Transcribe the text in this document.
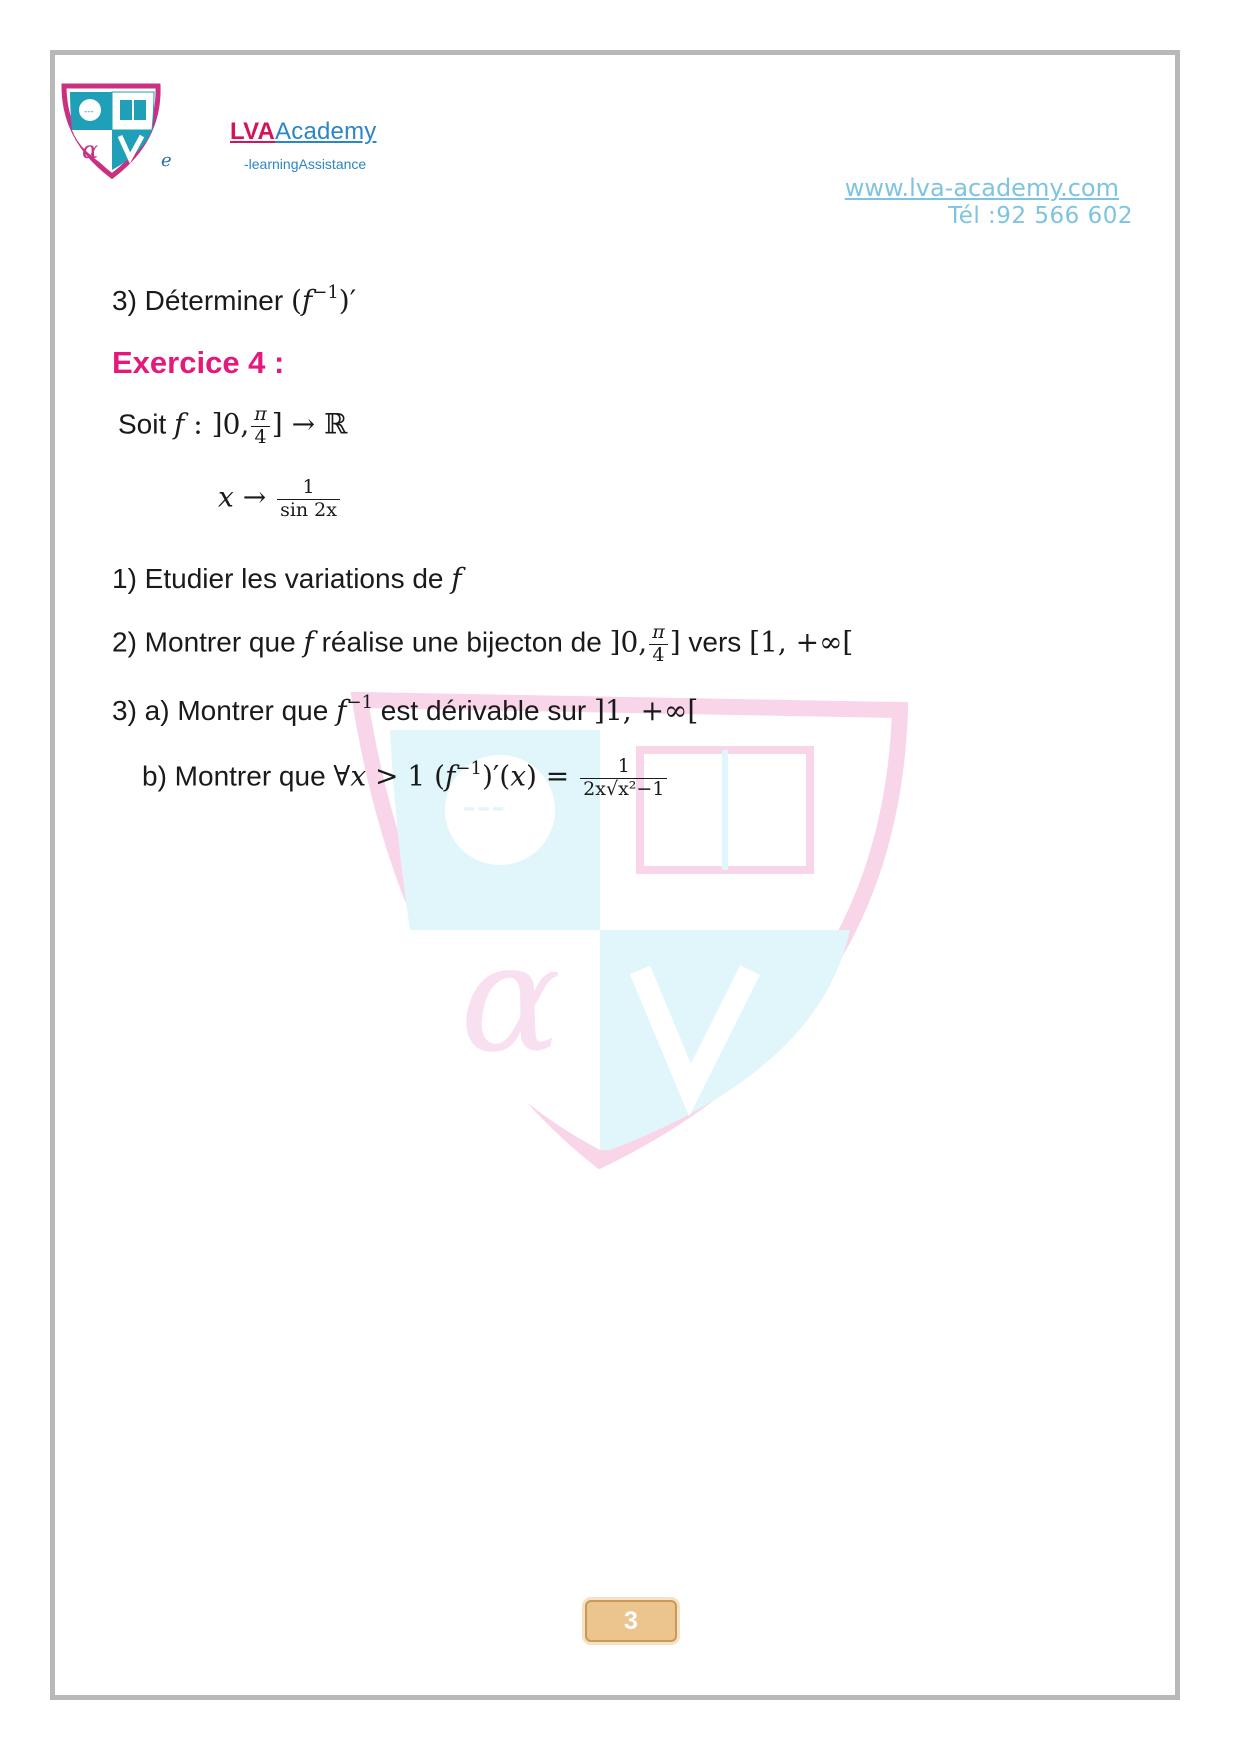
---
α	e
LVAAcademy
-learningAssistance
www.lva-academy.com
Tél :92 566 602
---
α
3) Déterminer $(f^{-1})'$
Exercice 4 :
Soit f : ]0, $\frac{\pi}{4}$ ] → ℝ
$x \to \frac{1}{\sin 2x}$
1) Etudier les variations de f
2) Montrer que f réalise une bijecton de ]0, $\frac{\pi}{4}$ ] vers [1, +∞[
3) a) Montrer que $f^{-1}$ est dérivable sur ]1, +∞[
b) Montrer que ∀x > 1 $(f^{-1})'(x) = \frac{1}{\text{2x√x²−1}}$
3
